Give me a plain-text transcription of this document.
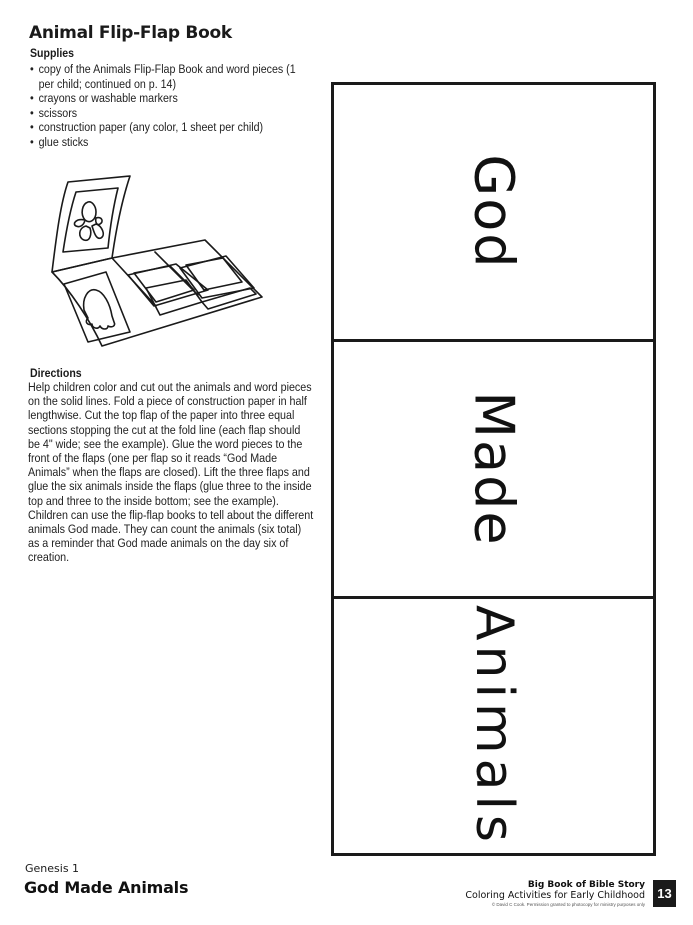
Animal Flip-Flap Book
Supplies
• copy of the Animals Flip-Flap Book and word pieces (1 per child; continued on p. 14)
• crayons or washable markers
• scissors
• construction paper (any color, 1 sheet per child)
• glue sticks
Directions

Help children color and cut out the animals and word pieces on the solid lines. Fold a piece of construction paper in half lengthwise. Cut the top flap of the paper into three equal sections stopping the cut at the fold line (each flap should be 4" wide; see the example). Glue the word pieces to the front of the flaps (one per flap so it reads “God Made Animals” when the flaps are closed). Lift the three flaps and glue the six animals inside the flaps (glue three to the inside top and three to the inside bottom; see the example). Children can use the flip-flap books to tell about the different animals God made. They can count the animals (six total) as a reminder that God made animals on the day six of creation.

God
Made
Animals
Genesis 1
God Made Animals	Big Book of Bible Story
Coloring Activities for Early Childhood
© David C Cook. Permission granted to photocopy for ministry purposes only
13
